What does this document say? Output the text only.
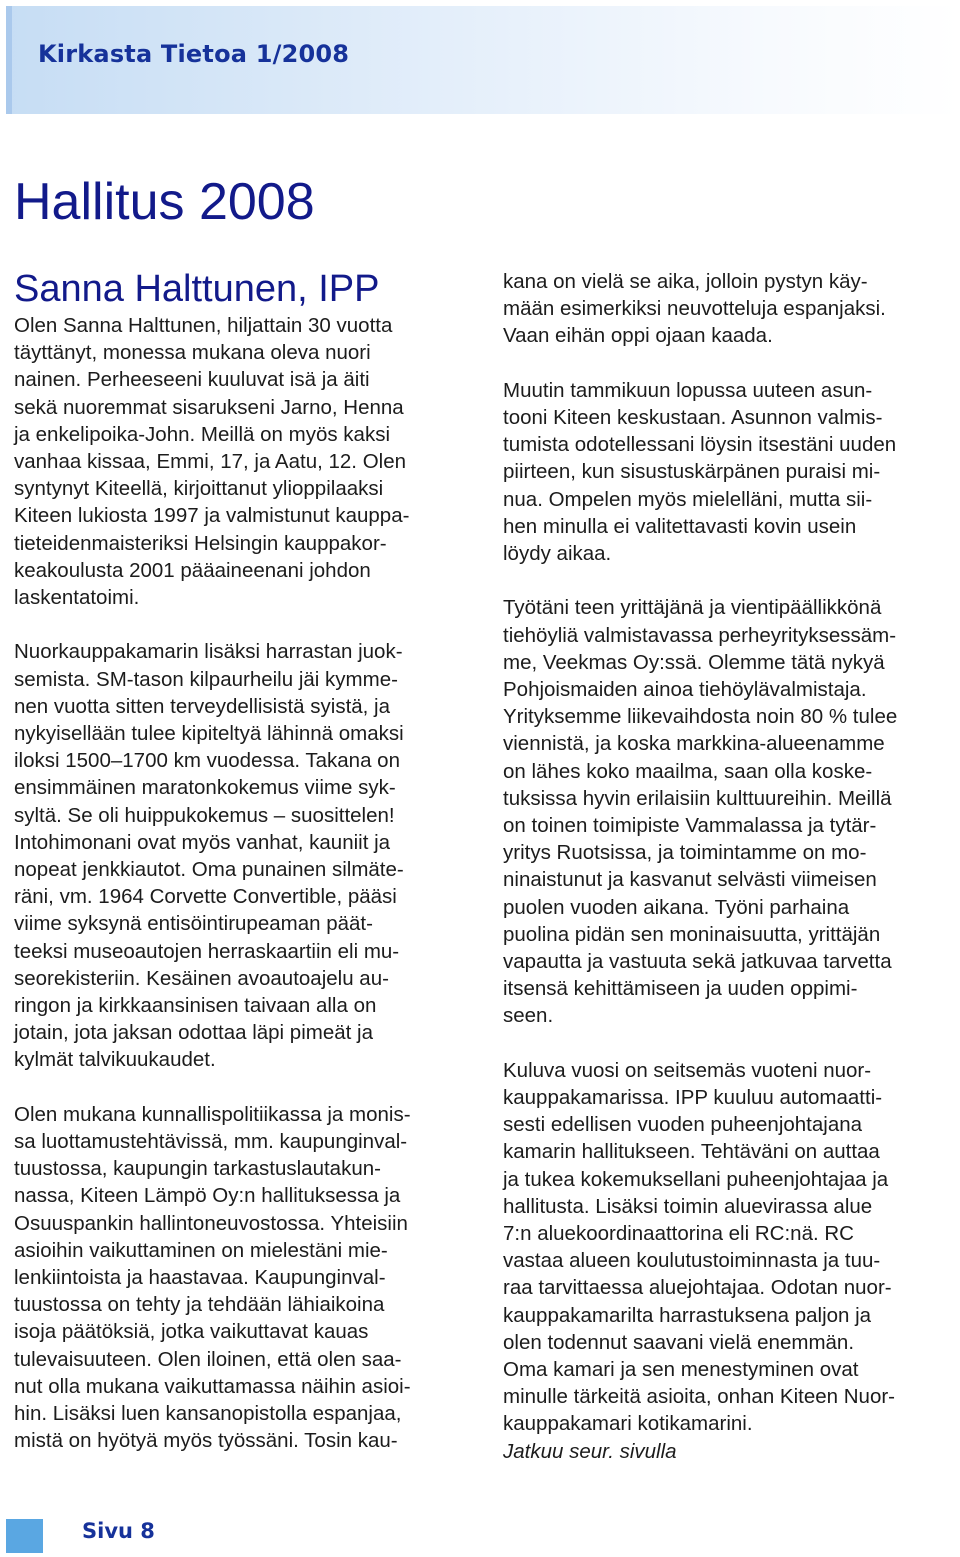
Kirkasta Tietoa 1/2008
Hallitus 2008
Sanna Halttunen, IPP

Olen Sanna Halttunen, hiljattain 30 vuotta
täyttänyt, monessa mukana oleva nuori
nainen. Perheeseeni kuuluvat isä ja äiti
sekä nuoremmat sisarukseni Jarno, Henna
ja enkelipoika-John. Meillä on myös kaksi
vanhaa kissaa, Emmi, 17, ja Aatu, 12. Olen
syntynyt Kiteellä, kirjoittanut ylioppilaaksi
Kiteen lukiosta 1997 ja valmistunut kauppa-
tieteidenmaisteriksi Helsingin kauppakor-
keakoulusta 2001 pääaineenani johdon
laskentatoimi.

Nuorkauppakamarin lisäksi harrastan juok-
semista. SM-tason kilpaurheilu jäi kymme-
nen vuotta sitten terveydellisistä syistä, ja
nykyisellään tulee kipiteltyä lähinnä omaksi
iloksi 1500–1700 km vuodessa. Takana on
ensimmäinen maratonkokemus viime syk-
syltä. Se oli huippukokemus – suosittelen!
Intohimonani ovat myös vanhat, kauniit ja
nopeat jenkkiautot. Oma punainen silmäte-
räni, vm. 1964 Corvette Convertible, pääsi
viime syksynä entisöintirupeaman päät-
teeksi museoautojen herraskaartiin eli mu-
seorekisteriin. Kesäinen avoautoajelu au-
ringon ja kirkkaansinisen taivaan alla on
jotain, jota jaksan odottaa läpi pimeät ja
kylmät talvikuukaudet.

Olen mukana kunnallispolitiikassa ja monis-
sa luottamustehtävissä, mm. kaupunginval-
tuustossa, kaupungin tarkastuslautakun-
nassa, Kiteen Lämpö Oy:n hallituksessa ja
Osuuspankin hallintoneuvostossa. Yhteisiin
asioihin vaikuttaminen on mielestäni mie-
lenkiintoista ja haastavaa. Kaupunginval-
tuustossa on tehty ja tehdään lähiaikoina
isoja päätöksiä, jotka vaikuttavat kauas
tulevaisuuteen. Olen iloinen, että olen saa-
nut olla mukana vaikuttamassa näihin asioi-
hin. Lisäksi luen kansanopistolla espanjaa,
mistä on hyötyä myös työssäni. Tosin kau-

kana on vielä se aika, jolloin pystyn käy-
mään esimerkiksi neuvotteluja espanjaksi.
Vaan eihän oppi ojaan kaada.

Muutin tammikuun lopussa uuteen asun-
tooni Kiteen keskustaan. Asunnon valmis-
tumista odotellessani löysin itsestäni uuden
piirteen, kun sisustuskärpänen puraisi mi-
nua. Ompelen myös mielelläni, mutta sii-
hen minulla ei valitettavasti kovin usein
löydy aikaa.

Työtäni teen yrittäjänä ja vientipäällikkönä
tiehöyliä valmistavassa perheyrityksessäm-
me, Veekmas Oy:ssä. Olemme tätä nykyä
Pohjoismaiden ainoa tiehöylävalmistaja.
Yrityksemme liikevaihdosta noin 80 % tulee
viennistä, ja koska markkina-alueenamme
on lähes koko maailma, saan olla koske-
tuksissa hyvin erilaisiin kulttuureihin. Meillä
on toinen toimipiste Vammalassa ja tytär-
yritys Ruotsissa, ja toimintamme on mo-
ninaistunut ja kasvanut selvästi viimeisen
puolen vuoden aikana. Työni parhaina
puolina pidän sen moninaisuutta, yrittäjän
vapautta ja vastuuta sekä jatkuvaa tarvetta
itsensä kehittämiseen ja uuden oppimi-
seen.

Kuluva vuosi on seitsemäs vuoteni nuor-
kauppakamarissa. IPP kuuluu automaatti-
sesti edellisen vuoden puheenjohtajana
kamarin hallitukseen. Tehtäväni on auttaa
ja tukea kokemuksellani puheenjohtajaa ja
hallitusta. Lisäksi toimin aluevirassa alue
7:n aluekoordinaattorina eli RC:nä. RC
vastaa alueen koulutustoiminnasta ja tuu-
raa tarvittaessa aluejohtajaa. Odotan nuor-
kauppakamarilta harrastuksena paljon ja
olen todennut saavani vielä enemmän.
Oma kamari ja sen menestyminen ovat
minulle tärkeitä asioita, onhan Kiteen Nuor-
kauppakamari kotikamarini.
Jatkuu seur. sivulla

Sivu 8
